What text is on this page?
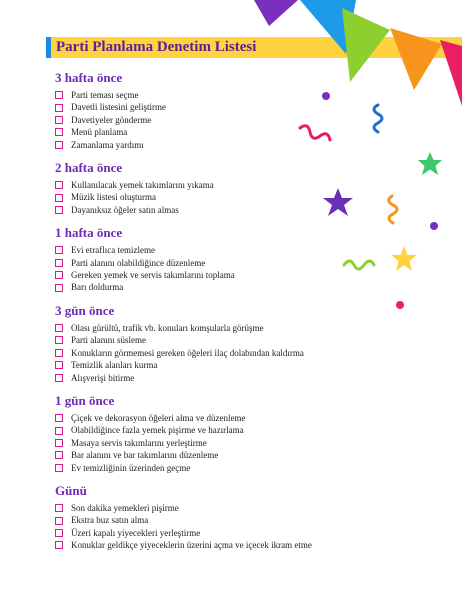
Parti Planlama Denetim Listesi
3 hafta önce
Parti teması seçme
Davetli listesini geliştirme
Davetiyeler gönderme
Menü planlama
Zamanlama yardımı
2 hafta önce
Kullanılacak yemek takımlarını yıkama
Müzik listesi oluşturma
Dayanıksız öğeler satın almas
1 hafta önce
Evi etraflıca temizleme
Parti alanını olabildiğince düzenleme
Gereken yemek ve servis takımlarını toplama
Barı doldurma
3 gün önce
Olası gürültü, trafik vb. konuları komşularla görüşme
Parti alanını süsleme
Konukların görmemesi gereken öğeleri ilaç dolabından kaldırma
Temizlik alanları kurma
Alışverişi bitirme
1 gün önce
Çiçek ve dekorasyon öğeleri alma ve düzenleme
Olabildiğince fazla yemek pişirme ve hazırlama
Masaya servis takımlarını yerleştirme
Bar alanını ve bar takımlarını düzenleme
Ev temizliğinin üzerinden geçme
Günü
Son dakika yemekleri pişirme
Ekstra buz satın alma
Üzeri kapalı yiyecekleri yerleştirme
Konuklar geldikçe yiyeceklerin üzerini açma ve içecek ikram etme
